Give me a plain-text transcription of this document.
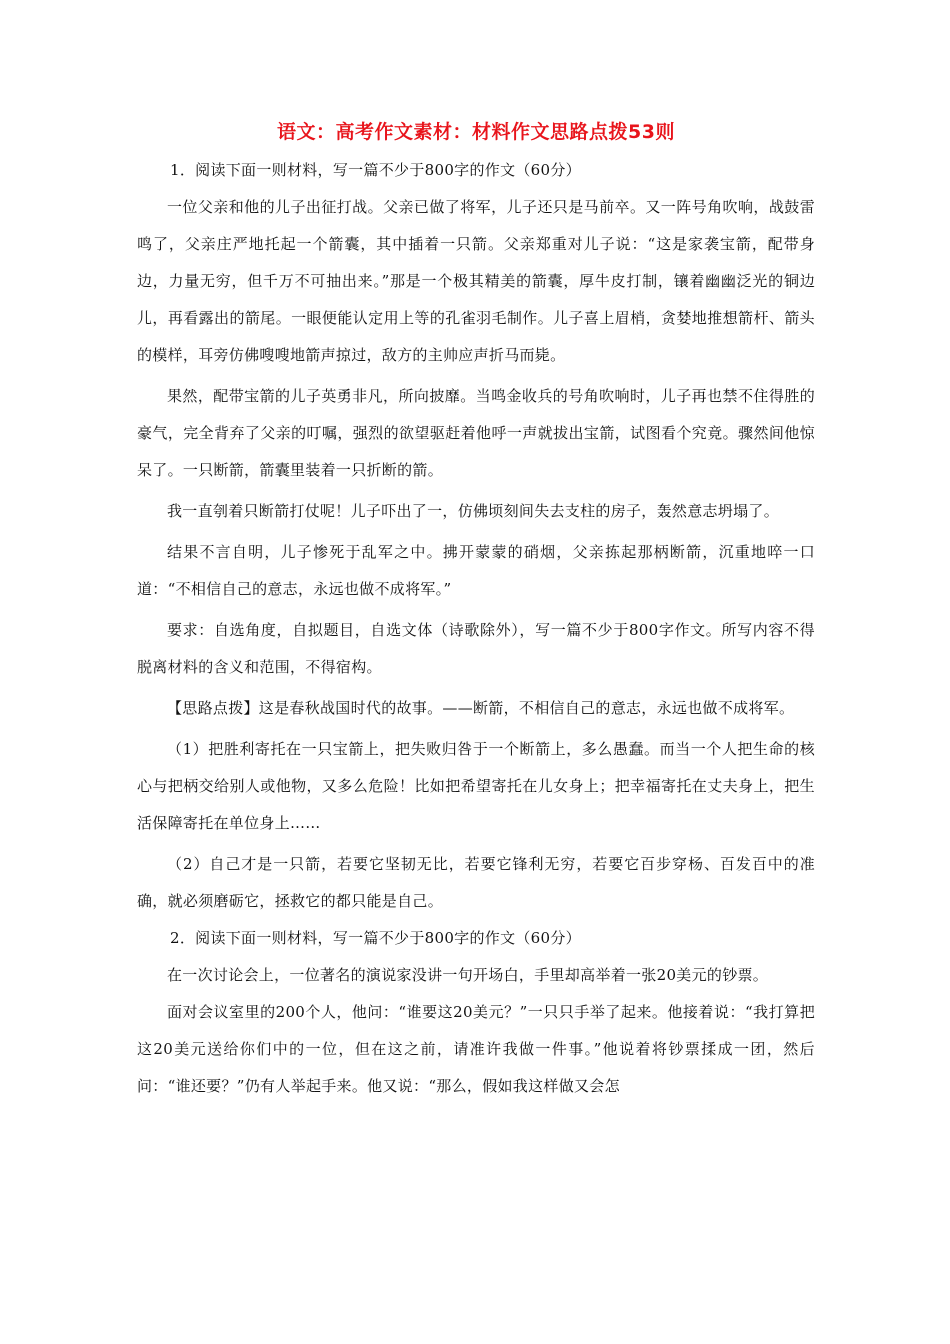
语文：高考作文素材：材料作文思路点拨53则

1．阅读下面一则材料，写一篇不少于800字的作文（60分）

一位父亲和他的儿子出征打战。父亲已做了将军，儿子还只是马前卒。又一阵号角吹响，战鼓雷鸣了，父亲庄严地托起一个箭囊，其中插着一只箭。父亲郑重对儿子说：“这是家袭宝箭，配带身边，力量无穷，但千万不可抽出来。”那是一个极其精美的箭囊，厚牛皮打制，镶着幽幽泛光的铜边儿，再看露出的箭尾。一眼便能认定用上等的孔雀羽毛制作。儿子喜上眉梢，贪婪地推想箭杆、箭头的模样，耳旁仿佛嗖嗖地箭声掠过，敌方的主帅应声折马而毙。

果然，配带宝箭的儿子英勇非凡，所向披靡。当鸣金收兵的号角吹响时，儿子再也禁不住得胜的豪气，完全背弃了父亲的叮嘱，强烈的欲望驱赶着他呼一声就拔出宝箭，试图看个究竟。骤然间他惊呆了。一只断箭，箭囊里装着一只折断的箭。

我一直刳着只断箭打仗呢！儿子吓出了一，仿佛顷刻间失去支柱的房子，轰然意志坍塌了。

结果不言自明，儿子惨死于乱军之中。拂开蒙蒙的硝烟，父亲拣起那柄断箭，沉重地啐一口道：“不相信自己的意志，永远也做不成将军。”

要求：自选角度，自拟题目，自选文体（诗歌除外），写一篇不少于800字作文。所写内容不得脱离材料的含义和范围，不得宿构。

【思路点拨】这是春秋战国时代的故事。——断箭，不相信自己的意志，永远也做不成将军。

（1）把胜利寄托在一只宝箭上，把失败归咎于一个断箭上，多么愚蠢。而当一个人把生命的核心与把柄交给别人或他物，又多么危险！比如把希望寄托在儿女身上；把幸福寄托在丈夫身上，把生活保障寄托在单位身上……

（2）自己才是一只箭，若要它坚韧无比，若要它锋利无穷，若要它百步穿杨、百发百中的准确，就必须磨砺它，拯救它的都只能是自己。

2．阅读下面一则材料，写一篇不少于800字的作文（60分）

在一次讨论会上，一位著名的演说家没讲一句开场白，手里却高举着一张20美元的钞票。

面对会议室里的200个人，他问：“谁要这20美元？”一只只手举了起来。他接着说：“我打算把这20美元送给你们中的一位，但在这之前，请准许我做一件事。”他说着将钞票揉成一团，然后问：“谁还要？”仍有人举起手来。他又说：“那么，假如我这样做又会怎
